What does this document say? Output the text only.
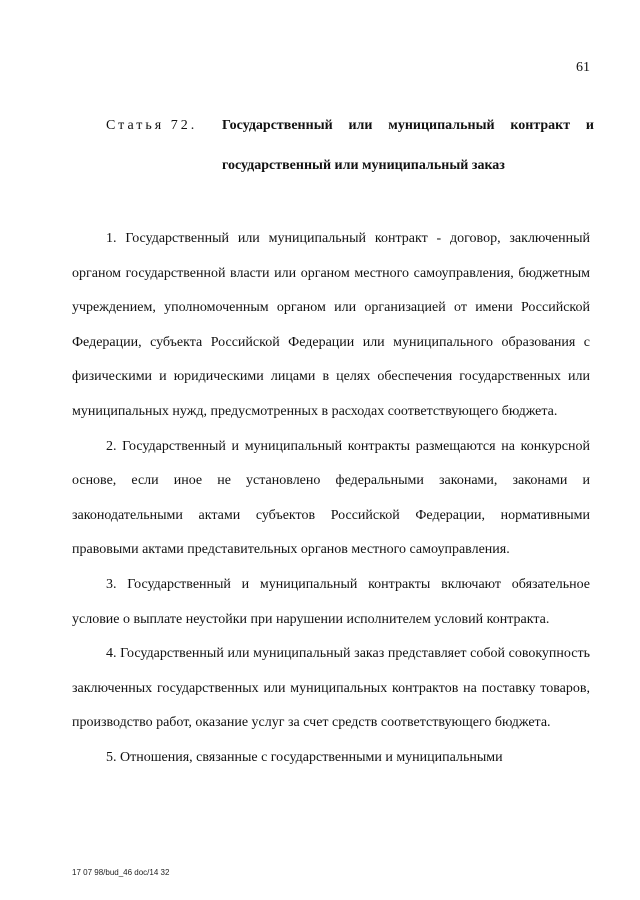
61
Статья 72. Государственный или муниципальный контракт и государственный или муниципальный заказ

1. Государственный или муниципальный контракт - договор, заключенный органом государственной власти или органом местного самоуправления, бюджетным учреждением, уполномоченным органом или организацией от имени Российской Федерации, субъекта Российской Федерации или муниципального образования с физическими и юридическими лицами в целях обеспечения государственных или муниципальных нужд, предусмотренных в расходах соответствующего бюджета.

2. Государственный и муниципальный контракты размещаются на конкурсной основе, если иное не установлено федеральными законами, законами и законодательными актами субъектов Российской Федерации, нормативными правовыми актами представительных органов местного самоуправления.

3. Государственный и муниципальный контракты включают обязательное условие о выплате неустойки при нарушении исполнителем условий контракта.

4. Государственный или муниципальный заказ представляет собой совокупность заключенных государственных или муниципальных контрактов на поставку товаров, производство работ, оказание услуг за счет средств соответствующего бюджета.

5. Отношения, связанные с государственными и муниципальными

17 07 98/bud_46 doc/14 32
